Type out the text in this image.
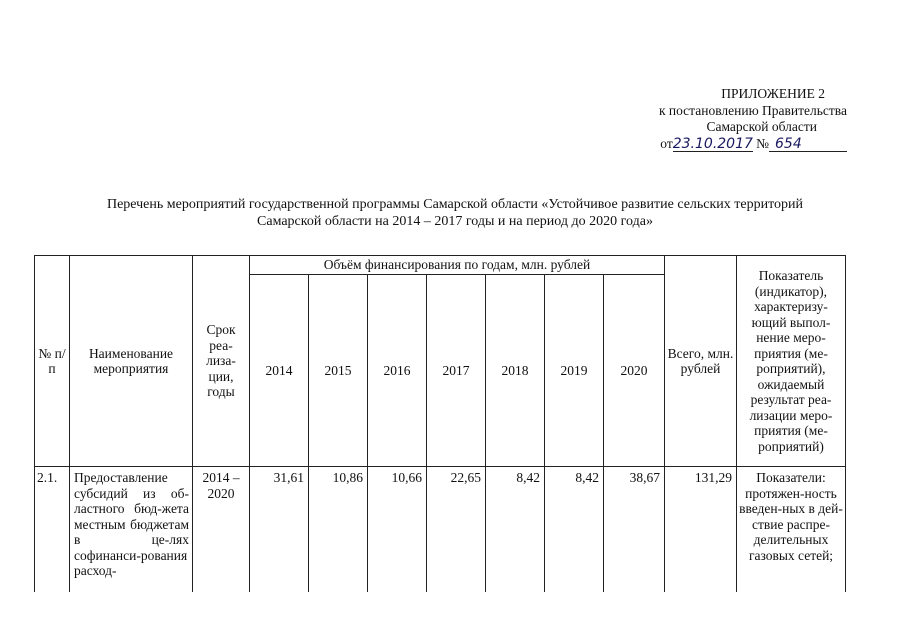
ПРИЛОЖЕНИЕ 2
к постановлению Правительства
Самарской области
от23.10.2017 № 654
Перечень мероприятий государственной программы Самарской области «Устойчивое развитие сельских территорий
Самарской области на 2014 – 2017 годы и на период до 2020 года»
№ п/п	Наименование мероприятия	Срок реа-лиза-ции, годы	Объём финансирования по годам, млн. рублей							Всего, млн. рублей	Показатель (индикатор), характеризу-ющий выпол-нение меро-приятия (ме-роприятий), ожидаемый результат реа-лизации меро-приятия (ме-роприятий)
			2014	2015	2016	2017	2018	2019	2020		
2.1.	Предоставление субсидий из об-ластного бюд-жета местным бюджетам в це-лях софинанси-рования расход-	2014 – 2020	31,61	10,86	10,66	22,65	8,42	8,42	38,67	131,29	Показатели: протяжен-ность введен-ных в дей-ствие распре-делительных газовых сетей;
